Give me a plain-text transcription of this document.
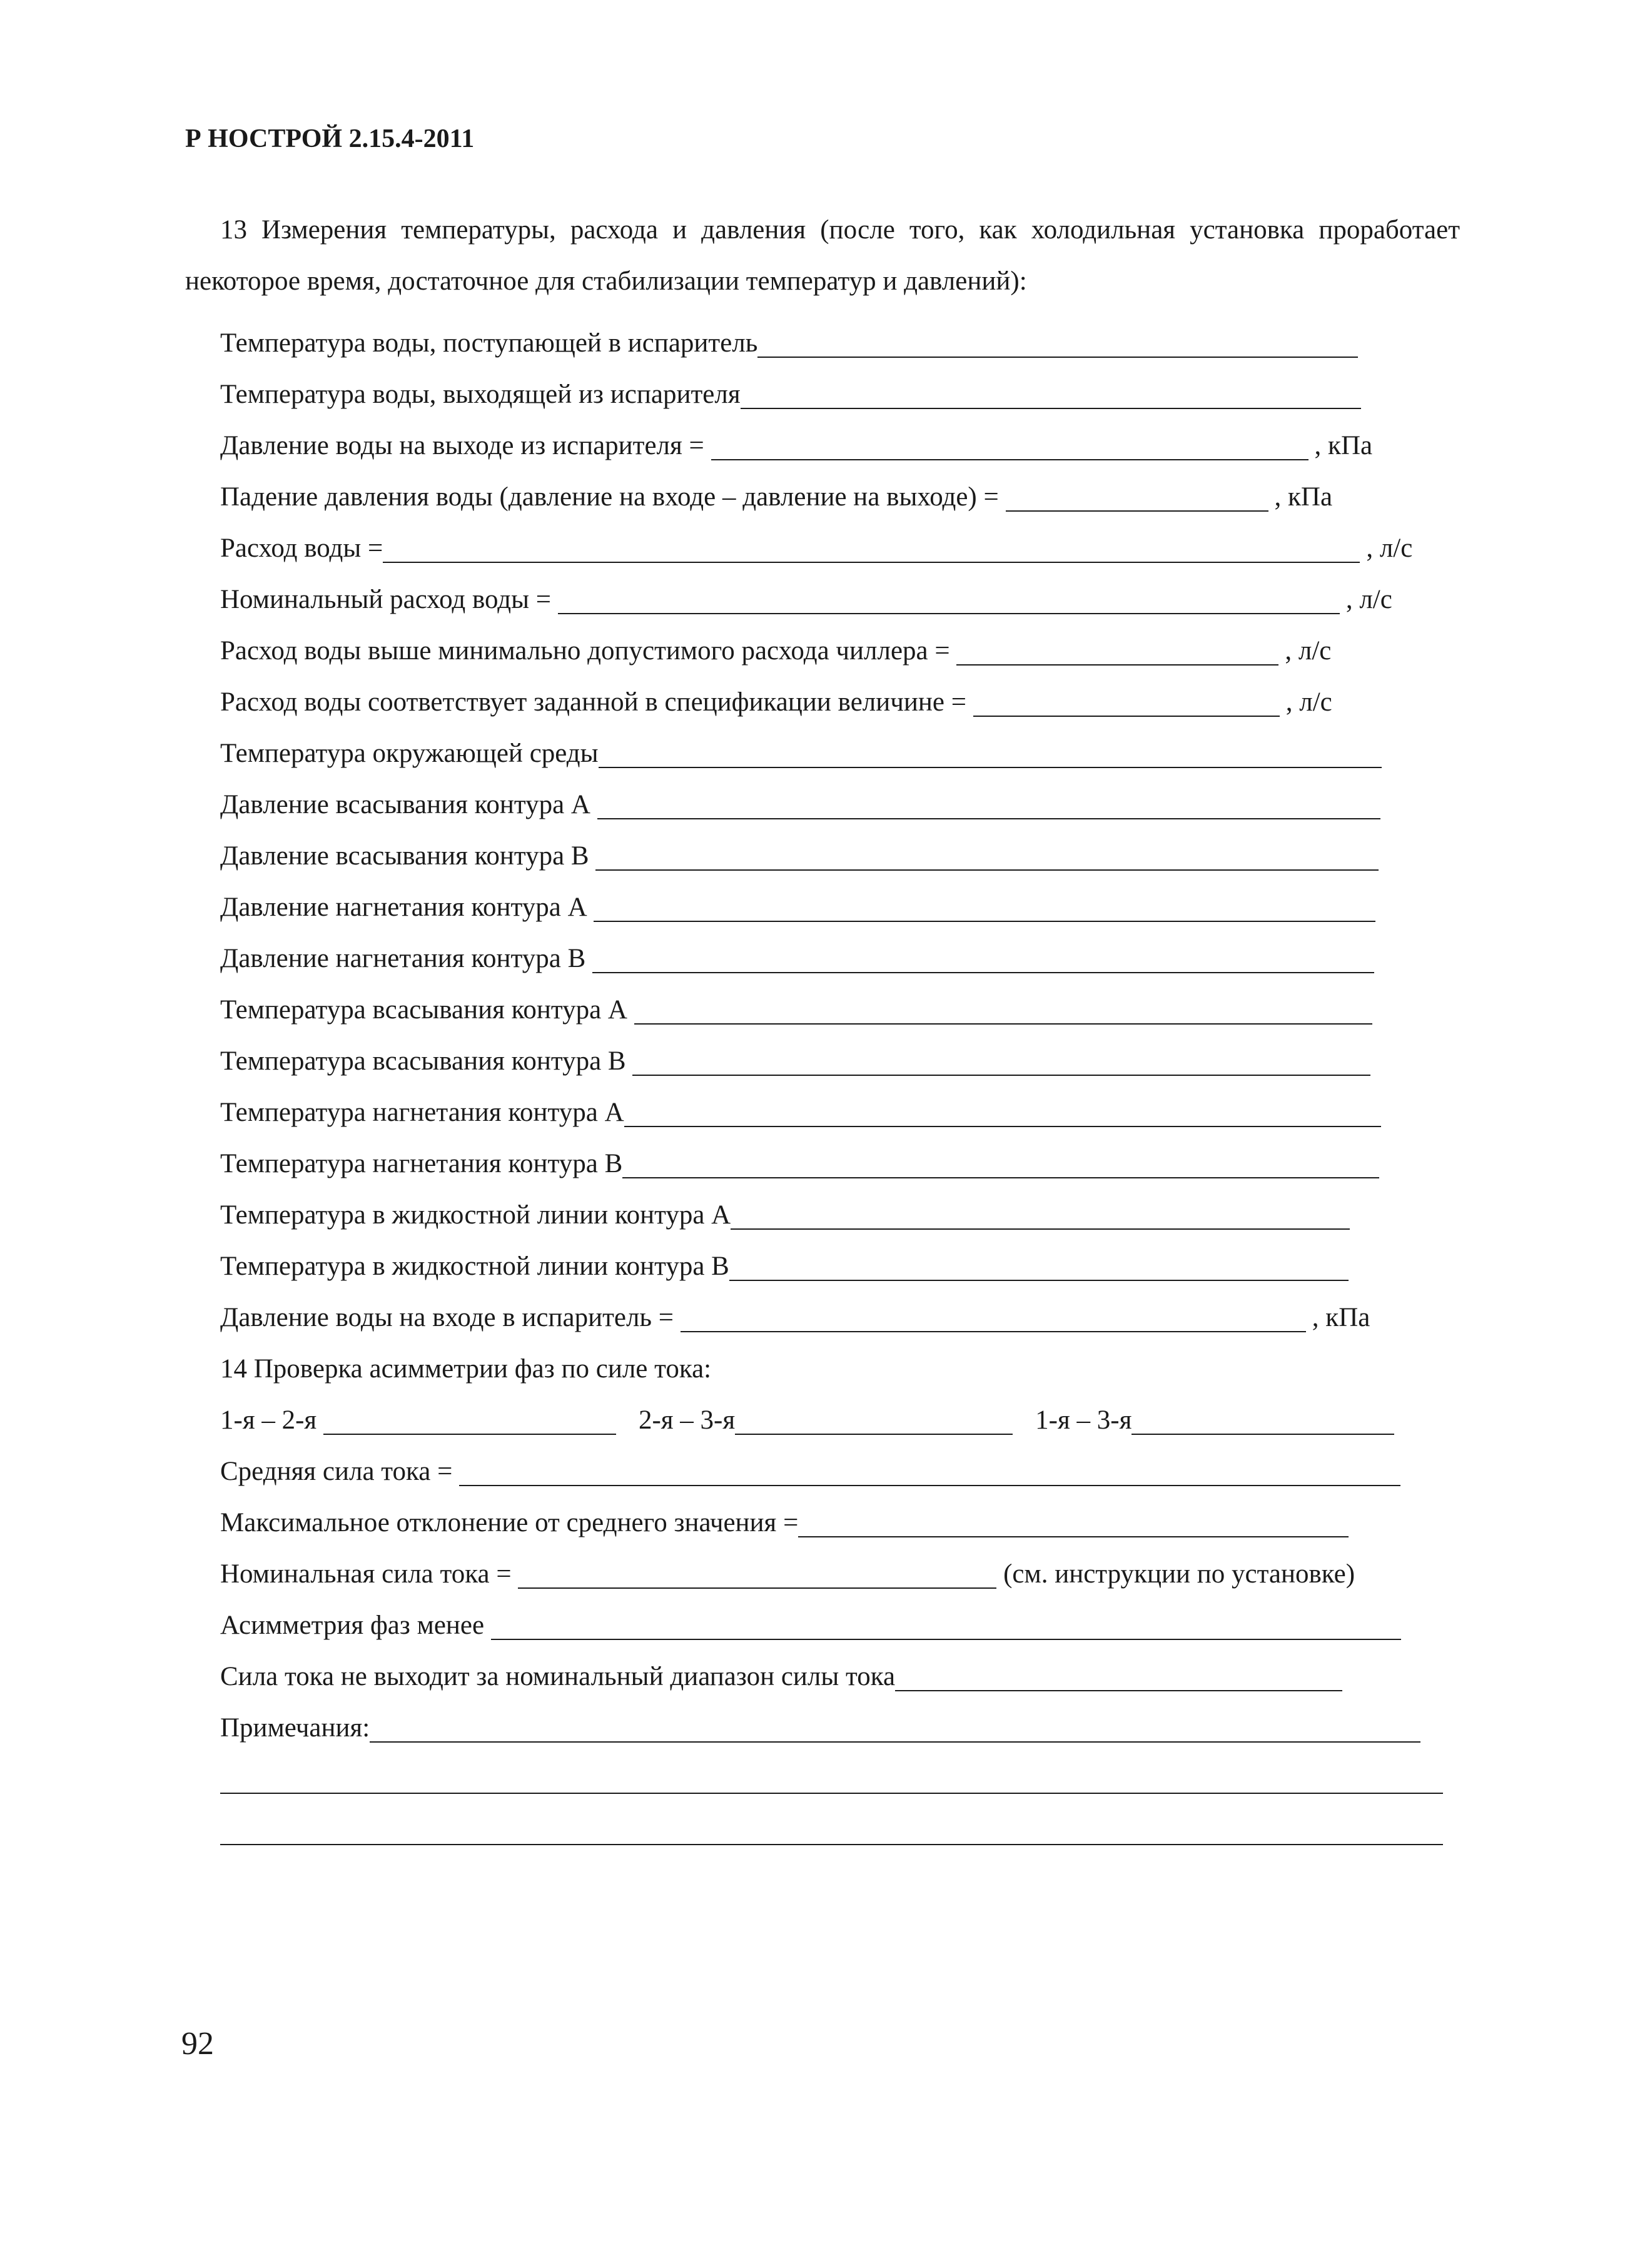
Р НОСТРОЙ 2.15.4-2011
13 Измерения температуры, расхода и давления (после того, как холодильная установка проработает некоторое время, достаточное для стабилизации температур и давлений):
Температура воды, поступающей в испаритель
Температура воды, выходящей из испарителя
Давление воды на выходе из испарителя =	, кПа
Падение давления воды (давление на входе – давление на выходе) =	, кПа
Расход воды =	, л/с
Номинальный расход воды =	, л/с
Расход воды выше минимально допустимого расхода чиллера =	, л/с
Расход воды соответствует заданной в спецификации величине =	, л/с
Температура окружающей среды
Давление всасывания контура А
Давление всасывания контура В
Давление нагнетания контура А
Давление нагнетания контура В
Температура всасывания контура А
Температура всасывания контура В
Температура нагнетания контура А
Температура нагнетания контура В
Температура в жидкостной линии контура А
Температура в жидкостной линии контура В
Давление воды на входе в испаритель =	, кПа
14 Проверка асимметрии фаз по силе тока:
1-я – 2-я	2-я – 3-я	1-я – 3-я
Средняя сила тока =
Максимальное отклонение от среднего значения =
Номинальная сила тока =	(см. инструкции по установке)
Асимметрия фаз менее
Сила тока не выходит за номинальный диапазон силы тока
Примечания:
92
